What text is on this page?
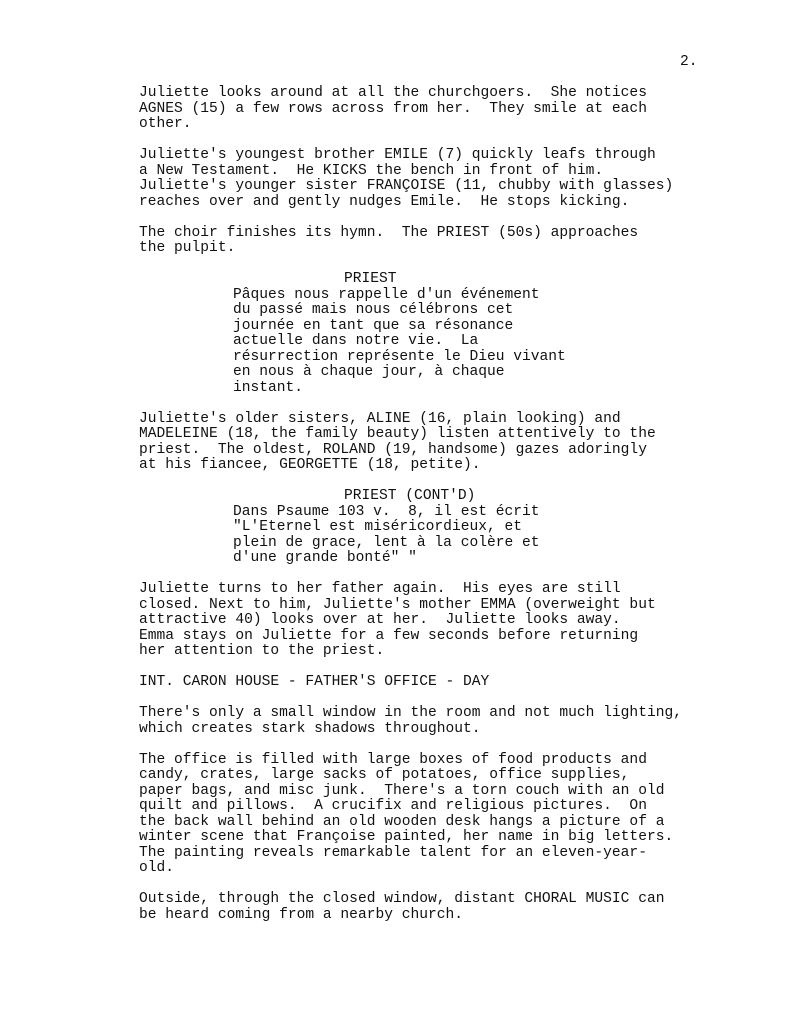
2.
Juliette looks around at all the churchgoers.  She notices
AGNES (15) a few rows across from her.  They smile at each
other.
Juliette's youngest brother EMILE (7) quickly leafs through
a New Testament.  He KICKS the bench in front of him.
Juliette's younger sister FRANÇOISE (11, chubby with glasses)
reaches over and gently nudges Emile.  He stops kicking.
The choir finishes its hymn.  The PRIEST (50s) approaches
the pulpit.
PRIEST
Pâques nous rappelle d'un événement
du passé mais nous célébrons cet
journée en tant que sa résonance
actuelle dans notre vie.  La
résurrection représente le Dieu vivant
en nous à chaque jour, à chaque
instant.
Juliette's older sisters, ALINE (16, plain looking) and
MADELEINE (18, the family beauty) listen attentively to the
priest.  The oldest, ROLAND (19, handsome) gazes adoringly
at his fiancee, GEORGETTE (18, petite).
PRIEST (CONT'D)
Dans Psaume 103 v.  8, il est écrit
"L'Eternel est miséricordieux, et
plein de grace, lent à la colère et
d'une grande bonté" "
Juliette turns to her father again.  His eyes are still
closed. Next to him, Juliette's mother EMMA (overweight but
attractive 40) looks over at her.  Juliette looks away.
Emma stays on Juliette for a few seconds before returning
her attention to the priest.
INT. CARON HOUSE - FATHER'S OFFICE - DAY
There's only a small window in the room and not much lighting,
which creates stark shadows throughout.
The office is filled with large boxes of food products and
candy, crates, large sacks of potatoes, office supplies,
paper bags, and misc junk.  There's a torn couch with an old
quilt and pillows.  A crucifix and religious pictures.  On
the back wall behind an old wooden desk hangs a picture of a
winter scene that Françoise painted, her name in big letters.
The painting reveals remarkable talent for an eleven-year-
old.
Outside, through the closed window, distant CHORAL MUSIC can
be heard coming from a nearby church.
